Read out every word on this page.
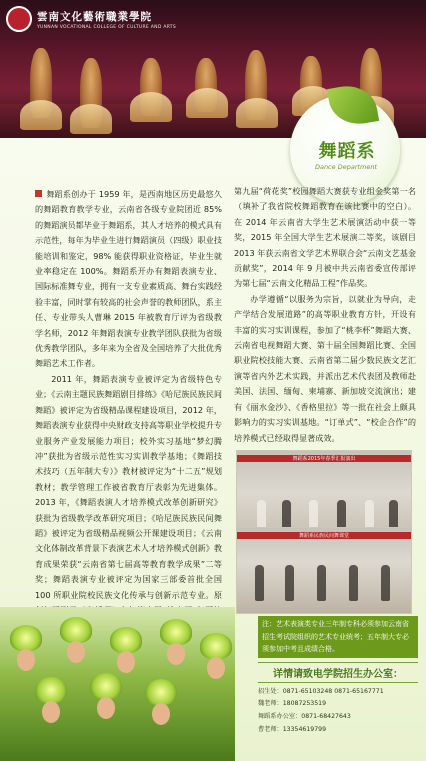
雲南文化藝術職業學院
YUNNAN VOCATIONAL COLLEGE OF CULTURE AND ARTS
舞蹈系
Dance Department

舞蹈系创办于 1959 年，是西南地区历史最悠久的舞蹈教育教学专业，云南省各级专业院团近 85% 的舞蹈演员都毕业于舞蹈系，其人才培养的模式具有示范性，每年为毕业生进行舞蹈演员（四级）职业技能培训和鉴定，98% 能获得职业资格证，毕业生就业率稳定在 100%。舞蹈系开办有舞蹈表演专业、国际标准舞专业，拥有一支专业素质高、舞台实践经验丰富，同时掌有较高的社会声誉的教师团队，系主任、专业带头人曹琳 2015 年被教育厅评为省级教学名师，2012 年舞蹈表演专业教学团队获批为省级优秀教学团队，多年来为全省及全国培养了大批优秀舞蹈艺术工作者。

2011 年，舞蹈表演专业被评定为省级特色专业；《云南主题民族舞蹈剧目排练》《哈尼族民族民间舞蹈》被评定为省级精品课程建设项目，2012 年，舞蹈表演专业获得中央财政支持高等职业学校提升专业服务产业发展能力项目；校外实习基地“梦幻腾冲”获批为省级示范性实习实训教学基地；《舞蹈技术技巧（五年制大专）》教材被评定为“十二五”规划教材；教学管理工作被省教育厅表彰为先进集体。2013 年，《舞蹈表演人才培养模式改革创新研究》获批为省级教学改革研究项目；《哈尼族民族民间舞蹈》被评定为省级精品视频公开课建设项目；《云南文化体制改革背景下表演艺术人才培养模式创新》教育成果荣获“云南省第七届高等教育教学成果”二等奖；舞蹈表演专业被评定为国家三部委首批全国 100 所职业院校民族文化传承与创新示范专业。原

第九届“荷花奖”校园舞蹈大赛获专业组金奖第一名（填补了我省院校舞蹈教育在该比赛中的空白）。在 2014 年云南省大学生艺术展演活动中获一等奖，2015 年全国大学生艺术展演二等奖，该剧目 2013 年获云南省文学艺术界联合会“云南文艺基金贡献奖”，2014 年 9 月被中共云南省委宣传部评为第七届“云南文化精品工程”作品奖。

办学遵循“以服务为宗旨，以就业为导向，走产学结合发展道路”的高等职业教育方针，开设有丰富的实习实训课程，参加了“桃李杯”舞蹈大赛、云南省电视舞蹈大赛、第十届全国舞蹈比赛、全国职业院校技能大赛、云南省第二届少数民族文艺汇演等省内外艺术实践，并派出艺术代表团及教师赴美国、法国、缅甸、柬埔寨、新加坡交流演出；建有《丽水金沙》、《香格里拉》等一批在社会上颇具影响力的实习实训基地。“订单式”、“校企合作”的培养模式已经取得显著成效。

舞蹈系2015年春季汇报演出
舞蹈系民族民间舞课堂
注：艺术表演类专业三年制专科必须参加云南省招生考试院组织的艺术专业统考；五年制大专必须参加中考且成绩合格。
详情请致电学院招生办公室：
招生处：0871-65103248 0871-65167771
魏老师：18087253519
舞蹈系办公室：0871-68427643
曹老师：13354619799
